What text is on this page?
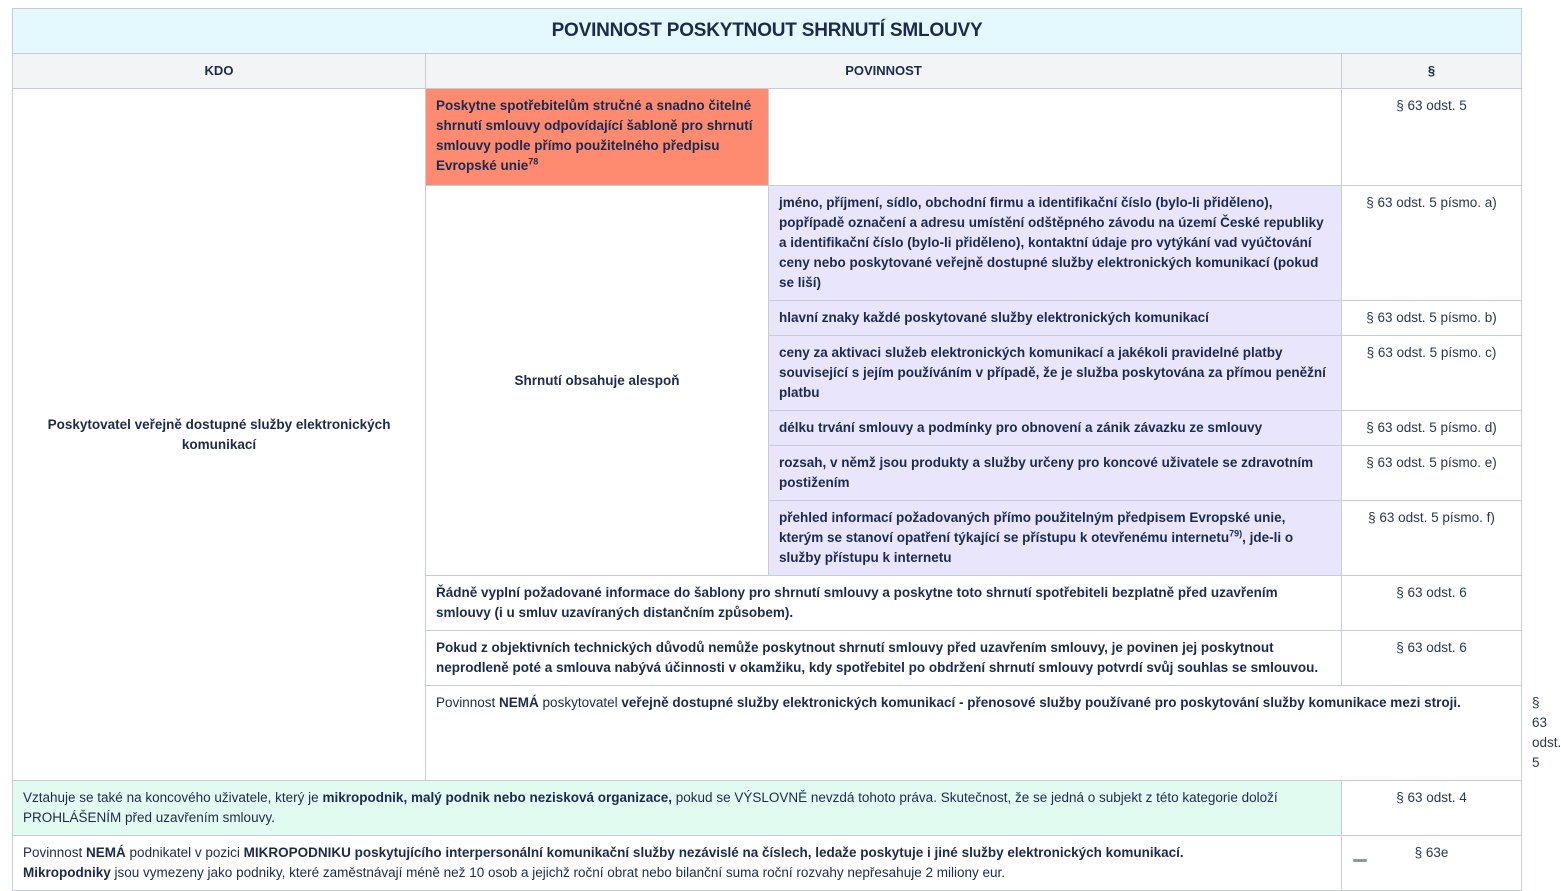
POVINNOST POSKYTNOUT SHRNUTÍ SMLOUVY				
KDO	POVINNOST		§	
Poskytovatel veřejně dostupné služby elektronických komunikací	Poskytne spotřebitelům stručné a snadno čitelné shrnutí smlouvy odpovídající šabloně pro shrnutí smlouvy podle přímo použitelného předpisu Evropské unie$^{78}$		§ 63 odst. 5	
	Shrnutí obsahuje alespoň	jméno, příjmení, sídlo, obchodní firmu a identifikační číslo (bylo-li přiděleno), popřípadě označení a adresu umístění odštěpného závodu na území České republiky a identifikační číslo (bylo-li přiděleno), kontaktní údaje pro vytýkání vad vyúčtování ceny nebo poskytované veřejně dostupné služby elektronických komunikací (pokud se liší)	§ 63 odst. 5 písmo. a)	
		hlavní znaky každé poskytované služby elektronických komunikací	§ 63 odst. 5 písmo. b)	
		ceny za aktivaci služeb elektronických komunikací a jakékoli pravidelné platby související s jejím používáním v případě, že je služba poskytována za přímou peněžní platbu	§ 63 odst. 5 písmo. c)	
		délku trvání smlouvy a podmínky pro obnovení a zánik závazku ze smlouvy	§ 63 odst. 5 písmo. d)	
		rozsah, v němž jsou produkty a služby určeny pro koncové uživatele se zdravotním postižením	§ 63 odst. 5 písmo. e)	
		přehled informací požadovaných přímo použitelným předpisem Evropské unie, kterým se stanoví opatření týkající se přístupu k otevřenému internetu$^{79)}$, jde-li o služby přístupu k internetu	§ 63 odst. 5 písmo. f)	
	Řádně vyplní požadované informace do šablony pro shrnutí smlouvy a poskytne toto shrnutí spotřebiteli bezplatně před uzavřením smlouvy (i u smluv uzavíraných distančním způsobem).		§ 63 odst. 6	
	Pokud z objektivních technických důvodů nemůže poskytnout shrnutí smlouvy před uzavřením smlouvy, je povinen jej poskytnout neprodleně poté a smlouva nabývá účinnosti v okamžiku, kdy spotřebitel po obdržení shrnutí smlouvy potvrdí svůj souhlas se smlouvou.		§ 63 odst. 6	
	Povinnost NEMÁ poskytovatel veřejně dostupné služby elektronických komunikací - přenosové služby používané pro poskytování služby komunikace mezi stroji.			§ 63 odst. 5
Vztahuje se také na koncového uživatele, který je mikropodnik, malý podnik nebo nezisková organizace, pokud se VÝSLOVNĚ nevzdá tohoto práva. Skutečnost, že se jedná o subjekt z této kategorie doloží PROHLÁŠENÍM před uzavřením smlouvy.			§ 63 odst. 4	
Povinnost NEMÁ podnikatel v pozici MIKROPODNIKU poskytujícího interpersonální komunikační služby nezávislé na číslech, ledaže poskytuje i jiné služby elektronických komunikací.
Mikropodniky jsou vymezeny jako podniky, které zaměstnávají méně než 10 osob a jejichž roční obrat nebo bilanční suma roční rozvahy nepřesahuje 2 miliony eur.			§ 63e	
